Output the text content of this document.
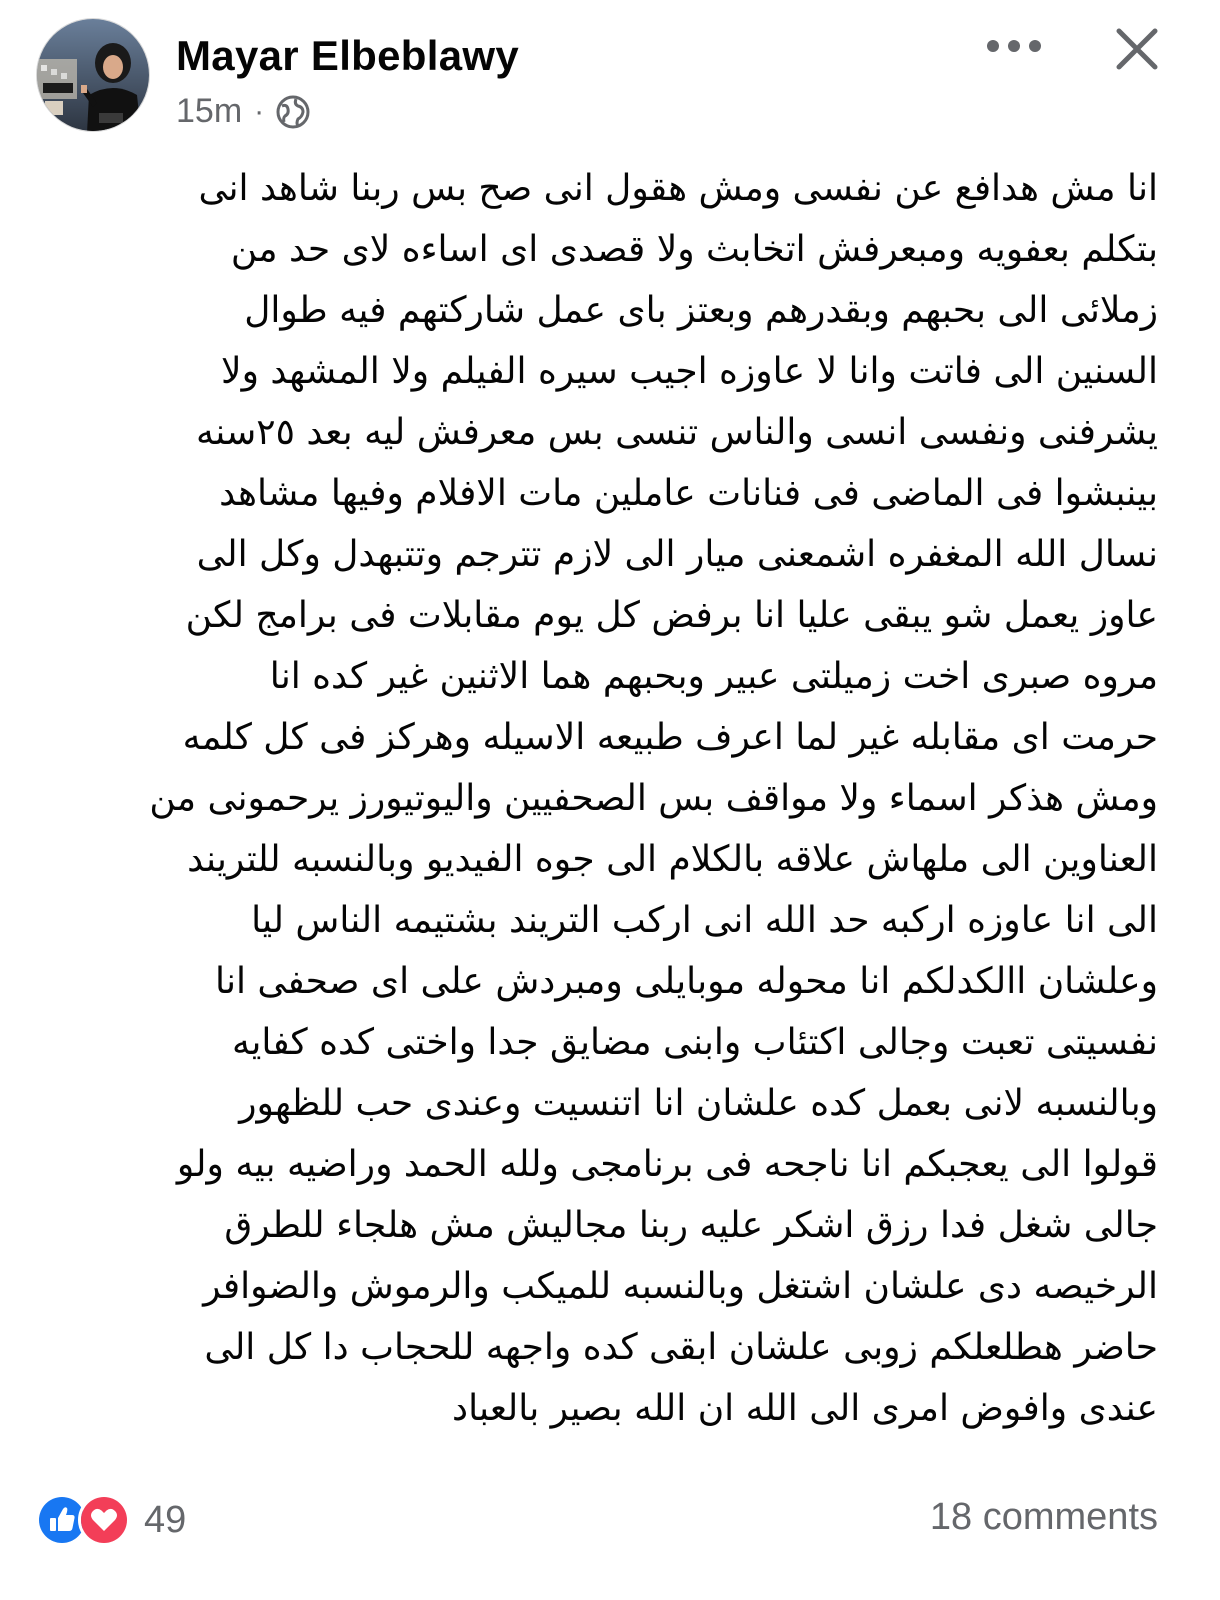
Mayar Elbeblawy
15m ·
انا مش هدافع عن نفسى ومش هقول انى صح بس ربنا شاهد انى
بتكلم بعفويه ومبعرفش اتخابث ولا قصدى اى اساءه لاى حد من
زملائى الى بحبهم وبقدرهم وبعتز باى عمل شاركتهم فيه طوال
السنين الى فاتت وانا لا عاوزه اجيب سيره الفيلم ولا المشهد ولا
يشرفنى ونفسى انسى والناس تنسى بس معرفش ليه بعد ٢٥سنه
بينبشوا فى الماضى فى فنانات عاملين مات الافلام وفيها مشاهد
نسال الله المغفره اشمعنى ميار الى لازم تترجم وتتبهدل وكل الى
عاوز يعمل شو يبقى عليا انا برفض كل يوم مقابلات فى برامج لكن
مروه صبرى اخت زميلتى عبير وبحبهم هما الاثنين غير كده انا
حرمت اى مقابله غير لما اعرف طبيعه الاسيله وهركز فى كل كلمه
ومش هذكر اسماء ولا مواقف بس الصحفيين واليوتيورز يرحمونى من
العناوين الى ملهاش علاقه بالكلام الى جوه الفيديو وبالنسبه للتريند
الى انا عاوزه اركبه حد الله انى اركب التريند بشتيمه الناس ليا
وعلشان االكدلكم انا محوله موبايلى ومبردش على اى صحفى انا
نفسيتى تعبت وجالى اكتئاب وابنى مضايق جدا واختى كده كفايه
وبالنسبه لانى بعمل كده علشان انا اتنسيت وعندى حب للظهور
قولوا الى يعجبكم انا ناجحه فى برنامجى ولله الحمد وراضيه بيه ولو
جالى شغل فدا رزق اشكر عليه ربنا مجاليش مش هلجاء للطرق
الرخيصه دى علشان اشتغل وبالنسبه للميكب والرموش والضوافر
حاضر هطلعلكم زوبى علشان ابقى كده واجهه للحجاب دا كل الى
عندى وافوض امرى الى الله ان الله بصير بالعباد
49	18 comments
